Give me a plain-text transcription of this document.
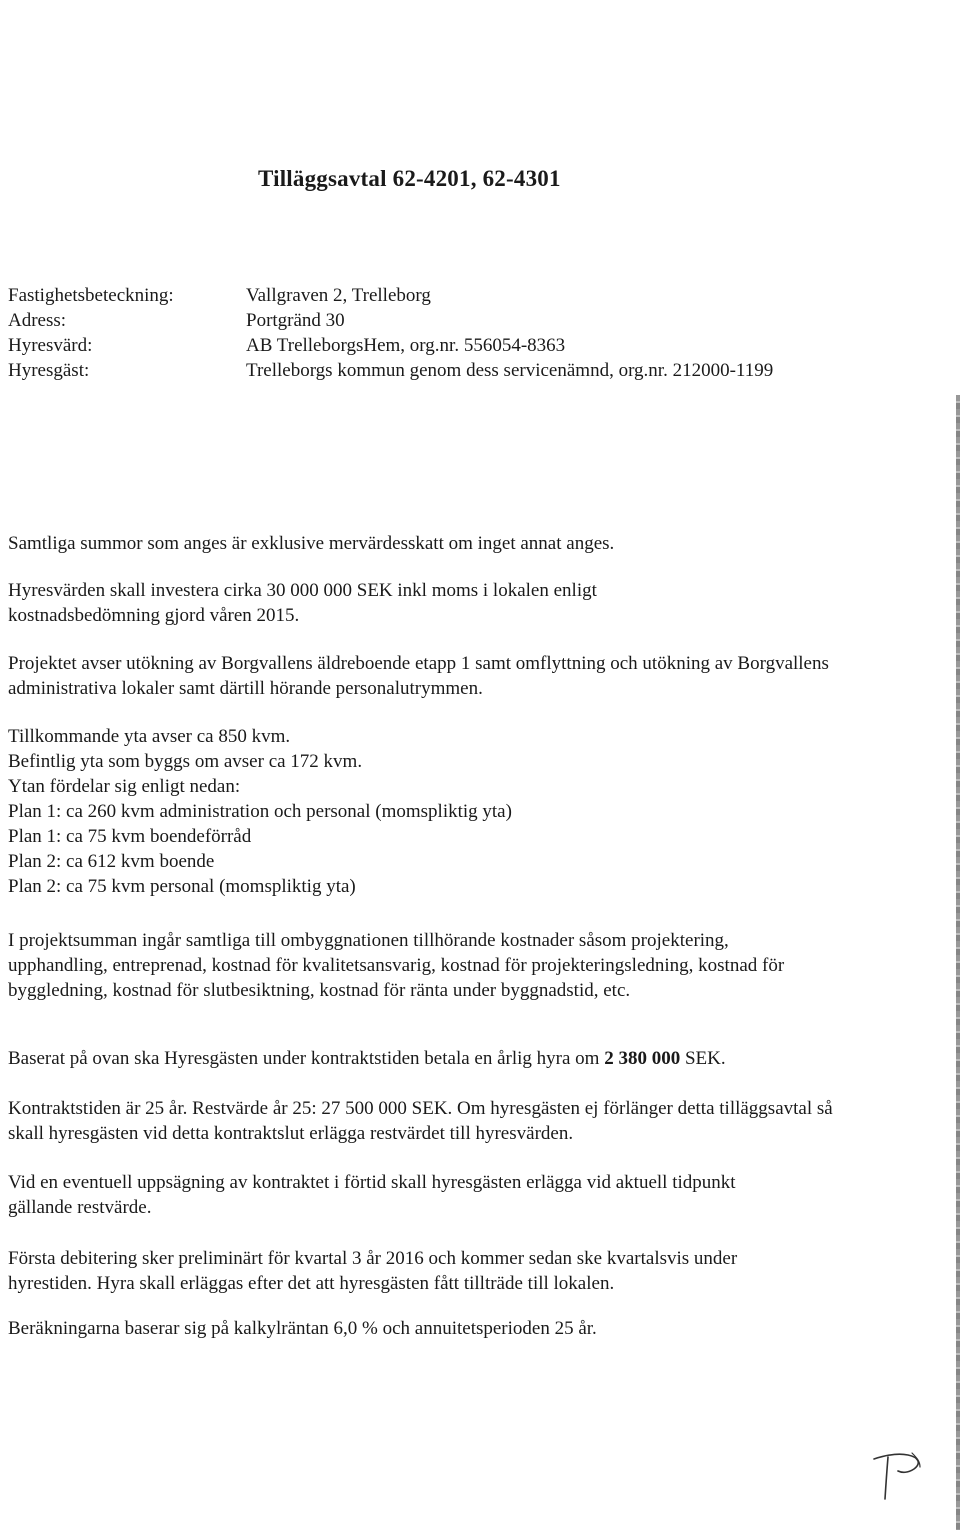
Tilläggsavtal 62-4201, 62-4301
Fastighetsbeteckning:	Vallgraven 2, Trelleborg
Adress:	Portgränd 30
Hyresvärd:	AB TrelleborgsHem, org.nr. 556054-8363
Hyresgäst:	Trelleborgs kommun genom dess servicenämnd, org.nr. 212000-1199

Samtliga summor som anges är exklusive mervärdesskatt om inget annat anges.

Hyresvärden skall investera cirka 30 000 000 SEK inkl moms i lokalen enligt kostnadsbedömning gjord våren 2015.

Projektet avser utökning av Borgvallens äldreboende etapp 1 samt omflyttning och utökning av Borgvallens administrativa lokaler samt därtill hörande personalutrymmen.

Tillkommande yta avser ca 850 kvm.

Befintlig yta som byggs om avser ca 172 kvm.

Ytan fördelar sig enligt nedan:

Plan 1: ca 260 kvm administration och personal (momspliktig yta)

Plan 1: ca 75 kvm boendeförråd

Plan 2: ca 612 kvm boende

Plan 2: ca 75 kvm personal (momspliktig yta)

I projektsumman ingår samtliga till ombyggnationen tillhörande kostnader såsom projektering, upphandling, entreprenad, kostnad för kvalitetsansvarig, kostnad för projekteringsledning, kostnad för byggledning, kostnad för slutbesiktning, kostnad för ränta under byggnadstid, etc.

Baserat på ovan ska Hyresgästen under kontraktstiden betala en årlig hyra om 2 380 000 SEK.

Kontraktstiden är 25 år. Restvärde år 25: 27 500 000 SEK. Om hyresgästen ej förlänger detta tilläggsavtal så skall hyresgästen vid detta kontraktslut erlägga restvärdet till hyresvärden.

Vid en eventuell uppsägning av kontraktet i förtid skall hyresgästen erlägga vid aktuell tidpunkt gällande restvärde.

Första debitering sker preliminärt för kvartal 3 år 2016 och kommer sedan ske kvartalsvis under hyrestiden. Hyra skall erläggas efter det att hyresgästen fått tillträde till lokalen.

Beräkningarna baserar sig på kalkylräntan 6,0 % och annuitetsperioden 25 år.
